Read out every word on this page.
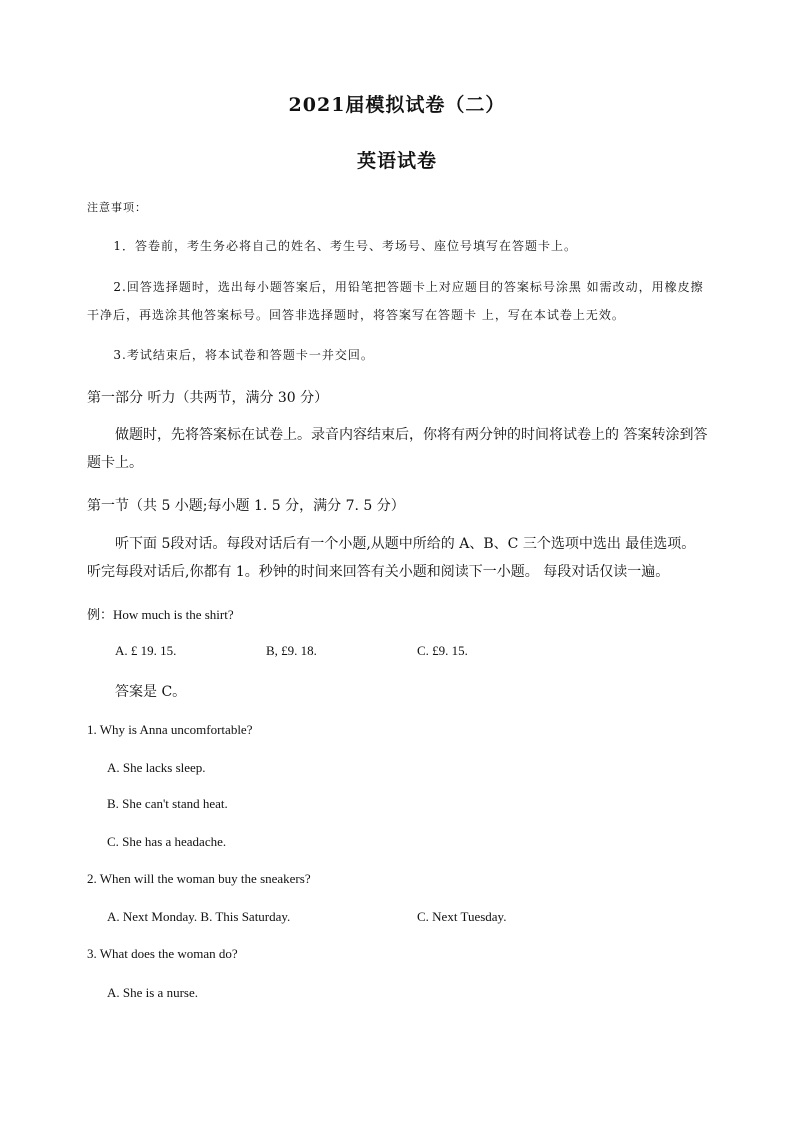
2021届模拟试卷（二）
英语试卷
注意事项：
1．答卷前，考生务必将自己的姓名、考生号、考场号、座位号填写在答题卡上。
2.回答选择题时，选出每小题答案后，用铅笔把答题卡上对应题目的答案标号涂黑 如需改动，用橡皮擦干净后，再选涂其他答案标号。回答非选择题时，将答案写在答题卡 上，写在本试卷上无效。
3.考试结束后，将本试卷和答题卡一并交回。
第一部分 听力（共两节，满分 30 分）
做题时，先将答案标在试卷上。录音内容结束后，你将有两分钟的时间将试卷上的 答案转涂到答题卡上。
第一节（共 5 小题;每小题 1. 5 分，满分 7. 5 分）
听下面 5段对话。每段对话后有一个小题,从题中所给的 A、B、C 三个选项中选出 最佳选项。听完每段对话后,你都有 1。秒钟的时间来回答有关小题和阅读下一小题。 每段对话仅读一遍。
例：How much is the shirt?
A. £ 19. 15.	B, £9. 18.	C. £9. 15.
答案是 C。
1. Why is Anna uncomfortable?
A. She lacks sleep.
B. She can't stand heat.
C. She has a headache.
2. When will the woman buy the sneakers?
A. Next Monday. B. This Saturday.	C. Next Tuesday.
3. What does the woman do?
A. She is a nurse.
